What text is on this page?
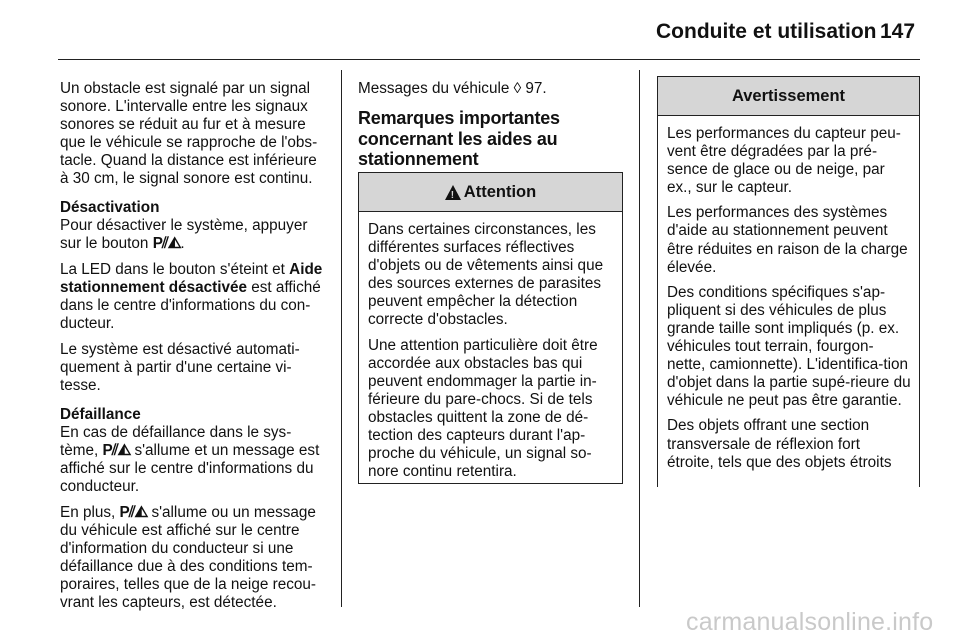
Conduite et utilisation 147

Un obstacle est signalé par un signal sonore. L'intervalle entre les signaux sonores se réduit au fur et à mesure que le véhicule se rapproche de l'obs-tacle. Quand la distance est inférieure à 30 cm, le signal sonore est continu.

Désactivation
Pour désactiver le système, appuyer sur le bouton P⫽◭.

La LED dans le bouton s'éteint et Aide stationnement désactivée est affiché dans le centre d'informations du con-ducteur.

Le système est désactivé automati-quement à partir d'une certaine vi-tesse.

Défaillance
En cas de défaillance dans le sys-tème, P⫽◭ s'allume et un message est affiché sur le centre d'informations du conducteur.

En plus, P⫽◭ s'allume ou un message du véhicule est affiché sur le centre d'information du conducteur si une défaillance due à des conditions tem-poraires, telles que de la neige recou-vrant les capteurs, est détectée.

Messages du véhicule ◊ 97.

Remarques importantes concernant les aides au stationnement
!
Attention

Dans certaines circonstances, les différentes surfaces réflectives d'objets ou de vêtements ainsi que des sources externes de parasites peuvent empêcher la détection correcte d'obstacles.

Une attention particulière doit être accordée aux obstacles bas qui peuvent endommager la partie in-férieure du pare-chocs. Si de tels obstacles quittent la zone de dé-tection des capteurs durant l'ap-proche du véhicule, un signal so-nore continu retentira.

Avertissement

Les performances du capteur peu-vent être dégradées par la pré-sence de glace ou de neige, par ex., sur le capteur.

Les performances des systèmes d'aide au stationnement peuvent être réduites en raison de la charge élevée.

Des conditions spécifiques s'ap-pliquent si des véhicules de plus grande taille sont impliqués (p. ex. véhicules tout terrain, fourgon-nette, camionnette). L'identifica-tion d'objet dans la partie supé-rieure du véhicule ne peut pas être garantie.

Des objets offrant une section transversale de réflexion fort étroite, tels que des objets étroits

carmanualsonline.info
